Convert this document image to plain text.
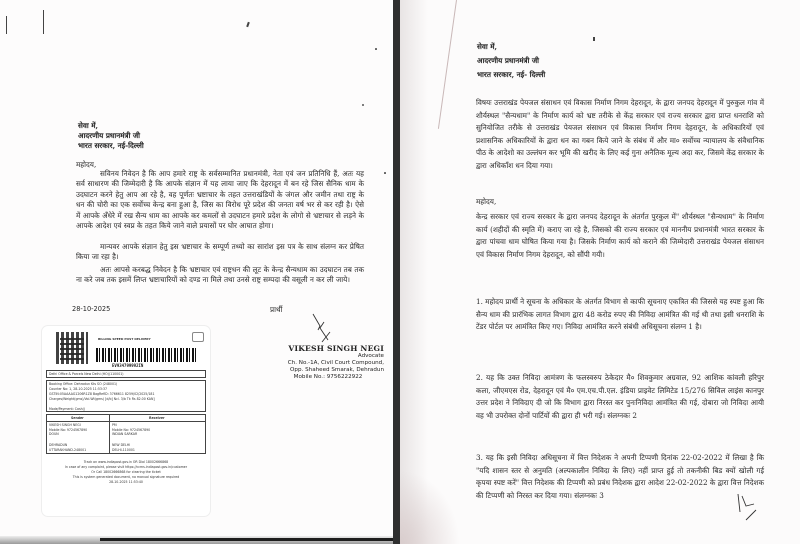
सेवा में,
आदरणीय प्रधानमंत्री जी
भारत सरकार, नई-दिल्ली
महोदय,
सविनय निवेदन है कि आप हमारे राष्ट्र के सर्वसम्मानित प्रधानमंत्री, नेता एवं जन प्रतिनिधि हैं, अतः यह सर्व साधारण की जिम्मेदारी है कि आपके संज्ञान में यह लाया जाए कि देहरादून में बन रहे जिस सैनिक धाम के उदघाटन करने हेतु आप आ रहे है, वह पूर्णतः भ्रष्टाचार के तहत उत्तराखंडियों के जंगल और जमीन तथा राष्ट्र के धन की चोरी का एक सर्वोच्च केन्द्र बना हुआ है, जिस का विरोध पूरे प्रदेश की जनता वर्ष भर से कर रही है। ऐसे में आपके अँधेरे में रख सैन्य धाम का आपके कर कमलों से उदघाटन हमारे प्रदेश के लोगो से भ्रष्टाचार से लड़ने के आपके आदेश एवं स्वप्न के तहत किये जाने वाले प्रयासों पर घोर आघात होगा।
मान्यवर आपके संज्ञान हेतु इस भ्रष्टाचार के सम्पूर्ण तथ्यो का सारांश इस पत्र के साथ संलग्न कर प्रेषित किया जा रहा है।
अतः आपसे करबद्ध निवेदन है कि भ्रष्टाचार एवं राष्ट्रधन की लूट के केन्द्र सैन्यधाम का उदघाटन तब तक ना करे जब तक इसमें लिप्त भ्रष्टाचारियों को दण्ड ना मिले तथा उनसे राष्ट्र सम्पदा की वसूली न कर ली जाये।
28-10-2025	प्रार्थी
VIKESH SINGH NEGI
Advocate
Ch. No.-1A, Civil Court Compound,
Opp. Shaheed Smarak, Dehradun
Mobile No.: 9756222922
BILLING SPEED POST DELIVERY
EV934799992IN
Delhi Office & Parcels New Delhi (HO)(110001)
Booking Office: Dehradun Kts SO (248001)
Counter No: 1, 28-10-2025 11:53:37
GSTIN:05AAAAG1206R1Z8 BagRefID: 3766611 8259/02/2025/181
Charges/Weight(gms)/Vol.Wt(gms) [d/b] Ncl. 3/b Tk Rs 82.00 KAN]
Mode/Payment: Cash()
Sender	Receiver
VIKESH SINGH NEGI
Mobile No: 9724567890
DOUN
DEHRADUN
UTTARAKHAND-248001
PM
Mobile No: 9724567890
INDIAN SARKAR
NEW DELHI
DELHI-110001
Track on www.indiapost.gov.in OR Dial 18002666868
In case of any complaint, please visit https://ccms.indiapost.gov.in/customer
Or Call 18002666868 for clearing the ticket
This is system generated document, no manual signature required
28-10-2025 11:53:40
सेवा में,
आदरणीय प्रधानमंत्री जी
भारत सरकार, नई- दिल्ली
विषयः उत्तराखंड पेयजल संसाधन एवं विकास निर्माण निगम देहरादून, के द्वारा जनपद देहरादून में पुरुकुल गांव में शौर्यस्थल "सैन्यधाम" के निर्माण कार्य को भ्रष्ट तरीके से केंद्र सरकार एवं राज्य सरकार द्वारा प्राप्त धनराशि को सुनियोजित तरीके से उत्तराखंड पेयजल संसाधन एवं विकास निर्माण निगम देहरादून, के अधिकारियों एवं प्रशासनिक अधिकारियों के द्वारा धन का गबन किये जाने के संबंध में और मा० सर्वोच्च न्यायालय के संवैधानिक पीठ के आदेशो का उल्लंघन कर भूमि की खरीद के लिए कई गुना अनैतिक मूल्य अदा कर, जिसमे केंद्र सरकार के द्वारा अधिकाँश धन दिया गया।
महोदय,
केन्द्र सरकार एवं राज्य सरकार के द्वारा जनपद देहरादून के अंतर्गत पुरकुल में" शौर्यस्थल "सैन्यधाम" के निर्माण कार्य (शहीदों की स्मृति में) कराए जा रहे है, जिसको की राज्य सरकार एवं माननीय प्रधानमंत्री भारत सरकार के द्वारा पांचवा धाम घोषित किया गया है। जिसके निर्माण कार्य को कराने की जिम्मेदारी उत्तराखंड पेयजल संसाधन एवं विकास निर्माण निगम देहरादून, को सौंपी गयी।
1. महोदय प्रार्थी ने सूचना के अधिकार के अंतर्गत विभाग से काफी सूचनाए एकत्रित की जिससे यह स्पष्ट हुआ कि सैन्य धाम की प्रारंभिक लागत विभाग द्वारा 48 करोड रुपए की निविदा आमंत्रित की गई थी तथा इसी धनराशि के टेंडर पोर्टल पर आमंत्रित किए गए। निविदा आमंत्रित करने संबंधी अधिसूचना संलग्न 1 है।
2. यह कि उक्त निविदा आमंत्रण के फलस्वरुप ठेकेदार मै० शिवकुमार अग्रवाल, 92 आशिक कांवली हरिपुर कला, जीएमएस रोड, देहरादून एवं मै० एम.एच.पी.एल. इंडिया प्राइवेट लिमिटेड 15/276 सिविल लाइंस कानपुर उत्तर प्रदेश ने निविदाए दी जो कि विभाग द्वारा निरस्त कर पुनःनिविदा आमंत्रित की गई, दोबारा जो निविदा आयी वह भी उपरोक्त दोनों पार्टियों की द्वारा ही भरी गई। संलग्नकः 2
3. यह कि इसी निविदा अधिसूचना में वित्त निदेशक ने अपनी टिप्पणी दिनांक 22-02-2022 में लिखा है कि "यदि शासन स्तर से अनुमति (अल्पकालीन निविदा के लिए) नहीं प्राप्त हुई तो तकनीकी बिड क्यों खोली गई कृपया स्पष्ट करें" वित्त निदेशक की टिप्पणी को प्रबंध निदेशक द्वारा आदेश 22-02-2022 के द्वारा वित्त निदेशक की टिप्पणी को निरस्त कर दिया गया। संलग्नकः 3
